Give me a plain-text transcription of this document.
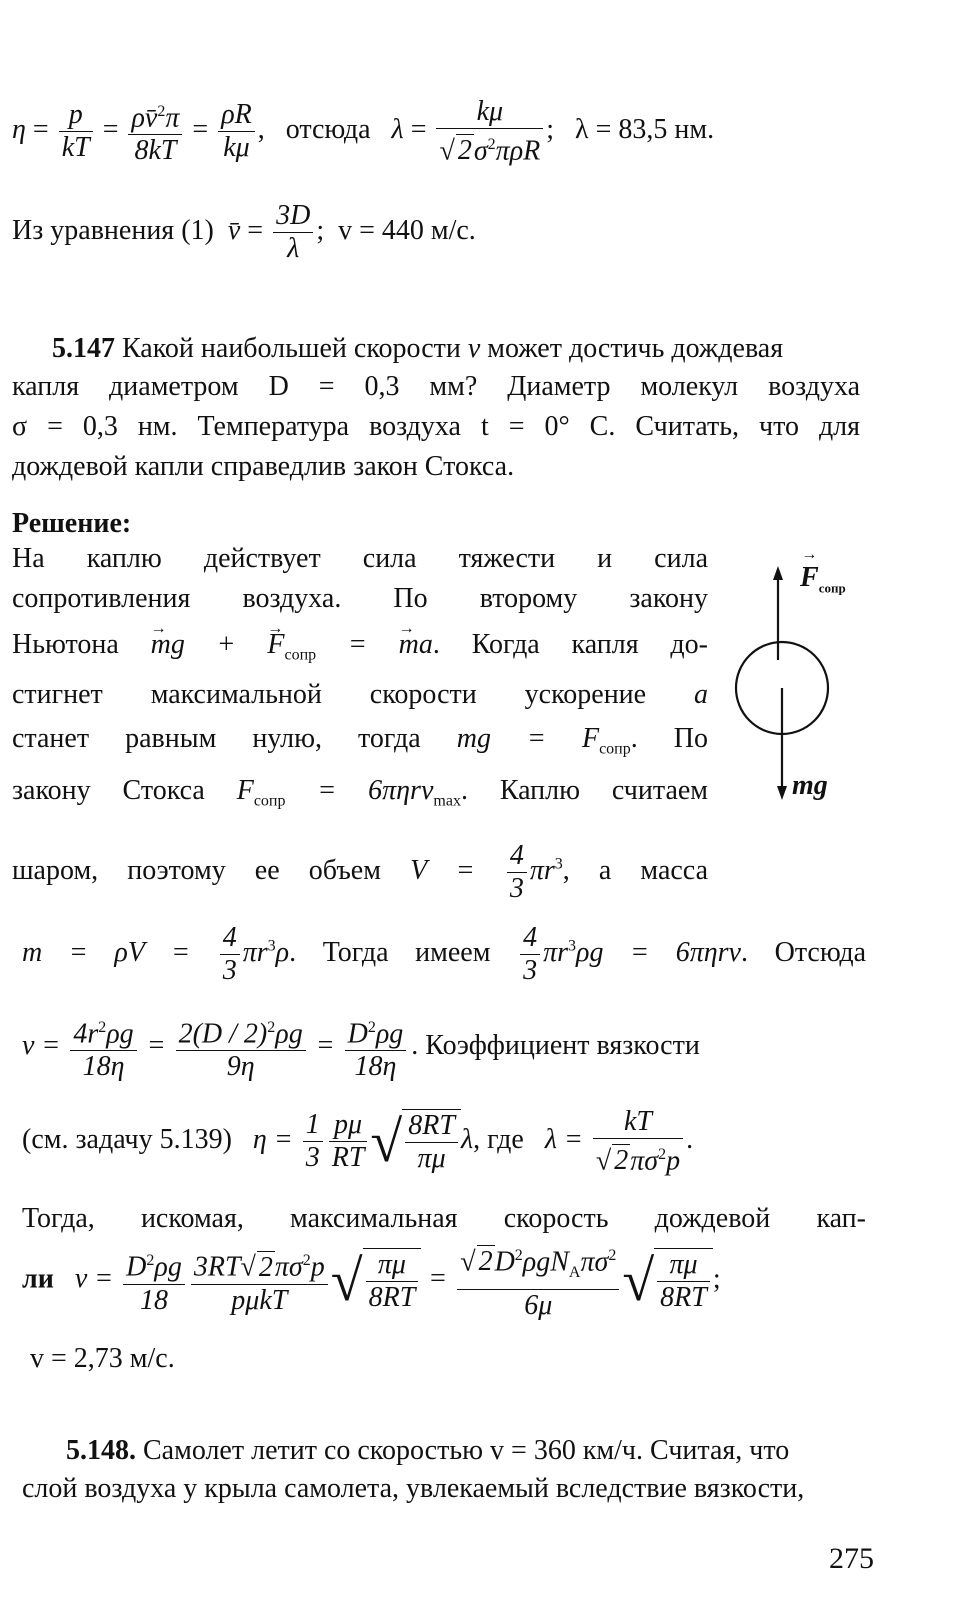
$\eta = \frac{p}{kT} = \frac{\rho v̄^2\pi}{8kT} = \frac{\rho R}{k\mu}$ ,   отсюда $\lambda = \frac{k\mu}{√ 2\sigma^2\pi\rho R}$ ;   λ = 83,5 нм.
Из уравнения (1) v̄ = $\frac{3D}{\lambda}$ ;  v = 440 м/с.
5.147 Какой наибольшей скорости v может достичь дождевая
капля диаметром D = 0,3 мм? Диаметр молекул воздуха
σ = 0,3 нм. Температура воздуха t = 0° C. Считать, что для
дождевой капли справедлив закон Стокса.
Решение:
На каплю действует сила тяжести и сила
сопротивления воздуха. По второму закону
Ньютона mg → + $F \to_{сопр}$ = ma →. Когда капля до-
стигнет максимальной скорости ускорение a
станет равным нулю, тогда mg = $F_{сопр}$. По
закону Стокса $F_{сопр} = 6\pi\eta rv_{max}$. Каплю считаем
шаром, поэтому ее объем $V = \frac{4}{3} \pi r^3$, а масса
$F \to_{сопр}$
mg
$m = \rho V = \frac{4}{3} \pi r^3\rho$. Тогда имеем $\frac{4}{3} \pi r^3\rho g = 6\pi\eta rv$. Отсюда
$v = \frac{4r^2\rho g}{18\eta} = \frac{2(D / 2)^2\rho g}{9\eta} = \frac{D^2\rho g}{18\eta}$ . Коэффициент вязкости
(см. задачу 5.139) $\eta = \frac{1}{3} \frac{p\mu}{RT}$ √ $\frac{8RT}{\pi\mu} \lambda$, где $\lambda = \frac{kT}{√ 2\pi\sigma^2p}$ .
Тогда, искомая, максимальная скорость дождевой кап-
ли $v = \frac{D^2\rho g}{18} \frac{3RT√ 2\pi\sigma^2p}{\text{pμkT}}$ √ $\frac{\pi\mu}{8RT} = \frac{√ 2D^2\rho gN_A\pi\sigma^2}{6\mu}$ √ $\frac{\pi\mu}{8RT}$ ;
v = 2,73 м/с.
5.148. Самолет летит со скоростью v = 360 км/ч. Считая, что
слой воздуха у крыла самолета, увлекаемый вследствие вязкости,
275
